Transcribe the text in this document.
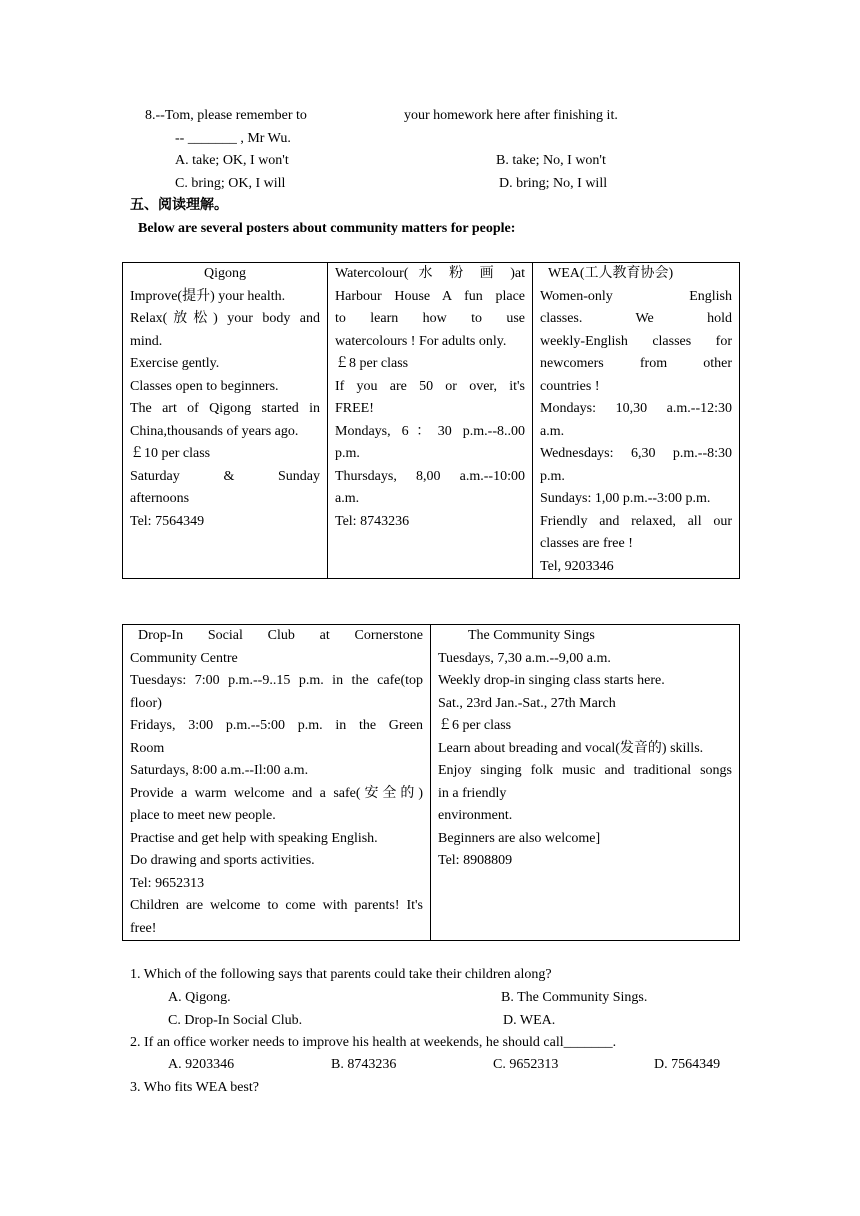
8.--Tom, please remember to	your homework here after finishing it.
-- _______ , Mr Wu.
A. take; OK, I won't	B. take; No, I won't
C. bring; OK, I will	D. bring; No, I will
五、阅读理解。
Below are several posters about community matters for people:
Qigong
Improve(提升) your health.
Relax(放松) your body and
mind.
Exercise gently.
Classes open to beginners.
The art of Qigong started in
China,thousands of years ago.
￡10 per class
Saturday & Sunday
afternoons
Tel: 7564349

Watercolour( 水 粉 画 )at
Harbour House A fun place
to learn how to use
watercolours ! For adults only.
￡8 per class
If you are 50 or over, it's
FREE!
Mondays, 6：30 p.m.--8..00
p.m.
Thursdays, 8,00 a.m.--10:00
a.m.
Tel: 8743236

WEA(工人教育协会)
Women-only English
classes. We hold
weekly-English classes for
newcomers from other
countries !
Mondays: 10,30 a.m.--12:30
a.m.
Wednesdays: 6,30 p.m.--8:30
p.m.
Sundays: 1,00 p.m.--3:00 p.m.
Friendly and relaxed, all our
classes are free !
Tel, 9203346
Drop-In Social Club at Cornerstone
Community Centre
Tuesdays: 7:00 p.m.--9..15 p.m. in the cafe(top
floor)
Fridays, 3:00 p.m.--5:00 p.m. in the Green
Room
Saturdays, 8:00 a.m.--Il:00 a.m.
Provide a warm welcome and a safe(安全的)
place to meet new people.
Practise and get help with speaking English.
Do drawing and sports activities.
Tel: 9652313
Children are welcome to come with parents! It's
free!

The Community Sings
Tuesdays, 7,30 a.m.--9,00 a.m.
Weekly drop-in singing class starts here.
Sat., 23rd Jan.-Sat., 27th March
￡6 per class
Learn about breading and vocal(发音的) skills.
Enjoy singing folk music and traditional songs
in a friendly
environment.
Beginners are also welcome]
Tel: 8908809
1. Which of the following says that parents could take their children along?
A. Qigong.	B. The Community Sings.
C. Drop-In Social Club.	D. WEA.
2. If an office worker needs to improve his health at weekends, he should call_______.
A. 9203346	B. 8743236	C. 9652313	D. 7564349
3. Who fits WEA best?
